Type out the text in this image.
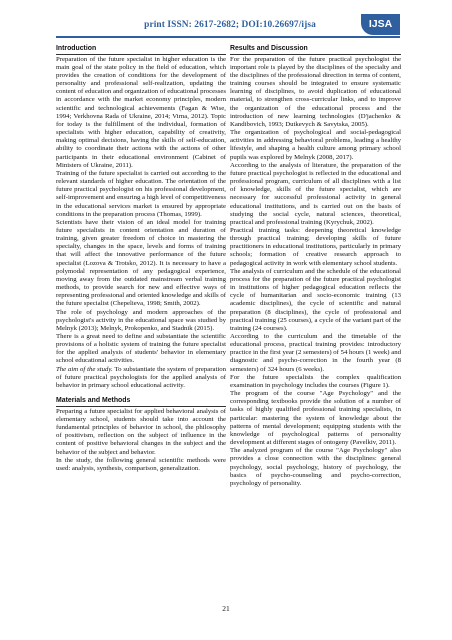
print ISSN: 2617-2682; DOI:10.26697/ijsa	IJSA
Introduction

Preparation of the future specialist in higher education is the main goal of the state policy in the field of education, which provides the creation of conditions for the development of personality and professional self-realization, updating the content of education and organization of educational processes in accordance with the market economy principles, modern scientific and technological achievements (Fagan & Wise, 1994; Verkhovna Rada of Ukraine, 2014; Virna, 2012). Topic for today is the fulfillment of the individual, formation of specialists with higher education, capability of creativity, making optimal decisions, having the skills of self-education, ability to coordinate their actions with the actions of other participants in their educational environment (Cabinet of Ministers of Ukraine, 2011).

Training of the future specialist is carried out according to the relevant standards of higher education. The orientation of the future practical psychologist on his professional development, self-improvement and ensuring a high level of competitiveness in the educational services market is ensured by appropriate conditions in the preparation process (Thomas, 1999).

Scientists have their vision of an ideal model for training future specialists in content orientation and duration of training, given greater freedom of choice in mastering the specialty, changes in the space, levels and forms of training that will affect the innovative performance of the future specialist (Lozova & Trotsko, 2012). It is necessary to have a polymodal representation of any pedagogical experience, moving away from the outdated mainstream verbal training methods, to provide search for new and effective ways of representing professional and oriented knowledge and skills of the future specialist (Chepelieva, 1998; Smith, 2002).

The role of psychology and modern approaches of the psychologist's activity in the educational space was studied by Melnyk (2013); Melnyk, Prokopenko, and Stadnik (2015).

There is a great need to define and substantiate the scientific provisions of a holistic system of training the future specialist for the applied analysis of students' behavior in elementary school educational activities.

The aim of the study. To substantiate the system of preparation of future practical psychologists for the applied analysis of behavior in primary school educational activity.

Materials and Methods

Preparing a future specialist for applied behavioral analysis of elementary school, students should take into account the fundamental principles of behavior in school, the philosophy of positivism, reflection on the subject of influence in the content of positive behavioral changes in the subject and the behavior of the subject and behavior.

In the study, the following general scientific methods were used: analysis, synthesis, comparison, generalization.

Results and Discussion

For the preparation of the future practical psychologist the important role is played by the disciplines of the specialty and the disciplines of the professional direction in terms of content, training courses should be integrated to ensure systematic learning of disciplines, to avoid duplication of educational material, to strengthen cross-curricular links, and to improve the organization of the educational process and the introduction of new learning technologies (D'jachenko & Kandibovich, 1993; Dutkevych & Savytska, 2005).

The organization of psychological and social-pedagogical activities in addressing behavioral problems, leading a healthy lifestyle, and shaping a health culture among primary school pupils was explored by Melnyk (2008, 2017).

According to the analysis of literature, the preparation of the future practical psychologist is reflected in the educational and professional program, curriculum of all disciplines with a list of knowledge, skills of the future specialist, which are necessary for successful professional activity in general educational institutions, and is carried out on the basis of studying the social cycle, natural sciences, theoretical, practical and professional training (Kyrychuk, 2002).

Practical training tasks: deepening theoretical knowledge through practical training; developing skills of future practitioners in educational institutions, particularly in primary schools; formation of creative research approach to pedagogical activity in work with elementary school students.

The analysis of curriculum and the schedule of the educational process for the preparation of the future practical psychologist in institutions of higher pedagogical education reflects the cycle of humanitarian and socio-economic training (13 academic disciplines), the cycle of scientific and natural preparation (8 disciplines), the cycle of professional and practical training (25 courses), a cycle of the variant part of the training (24 courses).

According to the curriculum and the timetable of the educational process, practical training provides: introductory practice in the first year (2 semesters) of 54 hours (1 week) and diagnostic and psycho-correction in the fourth year (8 semesters) of 324 hours (6 weeks).

For the future specialists the complex qualification examination in psychology includes the courses (Figure 1).

The program of the course "Age Psychology" and the corresponding textbooks provide the solution of a number of tasks of highly qualified professional training specialists, in particular: mastering the system of knowledge about the patterns of mental development; equipping students with the knowledge of psychological patterns of personality development at different stages of ontogeny (Pavelkiv, 2011).

The analyzed program of the course "Age Psychology" also provides a close connection with the disciplines: general psychology, social psychology, history of psychology, the basics of psycho-counseling and psycho-correction, psychology of personality.

21
